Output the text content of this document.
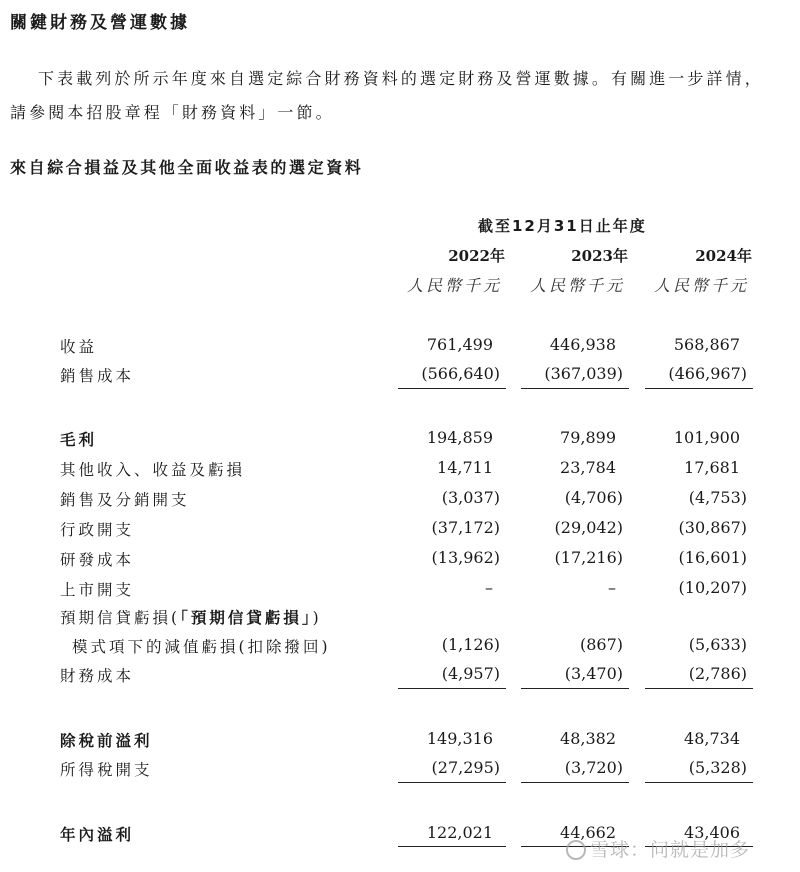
關鍵財務及營運數據
下表載列於所示年度來自選定綜合財務資料的選定財務及營運數據。有關進一步詳情，請參閱本招股章程「財務資料」一節。
來自綜合損益及其他全面收益表的選定資料
截至12月31日止年度
2022年	2023年	2024年
人民幣千元	人民幣千元	人民幣千元
收益	761,499	446,938	568,867
銷售成本	(566,640)	(367,039)	(466,967)
毛利	194,859	79,899	101,900
其他收入、收益及虧損	14,711	23,784	17,681
銷售及分銷開支	(3,037)	(4,706)	(4,753)
行政開支	(37,172)	(29,042)	(30,867)
研發成本	(13,962)	(17,216)	(16,601)
上市開支	–	–	(10,207)
預期信貸虧損(「預期信貸虧損」)
模式項下的減值虧損(扣除撥回)	(1,126)	(867)	(5,633)
財務成本	(4,957)	(3,470)	(2,786)
除稅前溢利	149,316	48,382	48,734
所得稅開支	(27,295)	(3,720)	(5,328)
年內溢利	122,021	44,662	43,406
雪球：问就是加多
